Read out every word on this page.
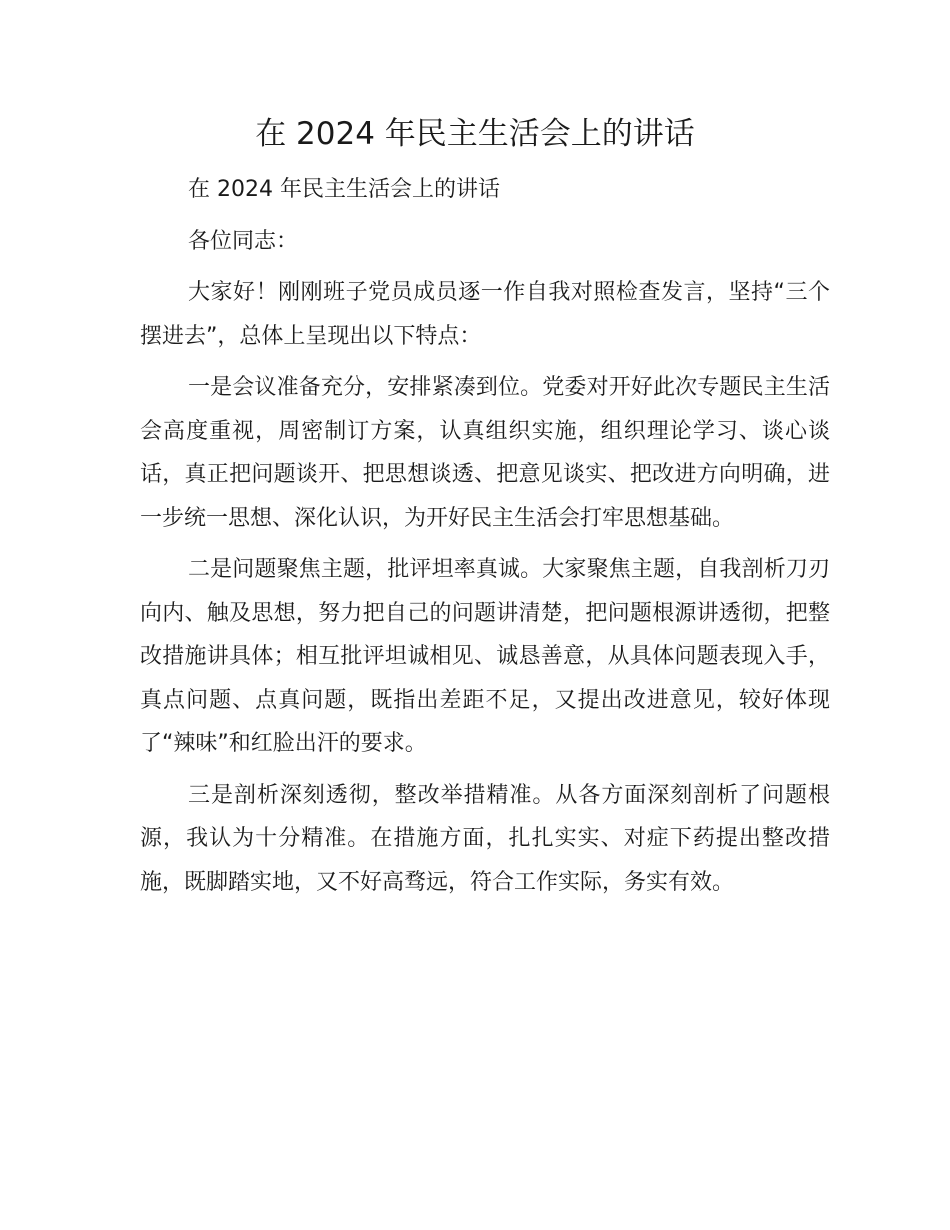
在 2024 年民主生活会上的讲话

在 2024 年民主生活会上的讲话

各位同志：

大家好！刚刚班子党员成员逐一作自我对照检查发言，坚持“三个摆进去”，总体上呈现出以下特点：

一是会议准备充分，安排紧凑到位。党委对开好此次专题民主生活会高度重视，周密制订方案，认真组织实施，组织理论学习、谈心谈话，真正把问题谈开、把思想谈透、把意见谈实、把改进方向明确，进一步统一思想、深化认识，为开好民主生活会打牢思想基础。

二是问题聚焦主题，批评坦率真诚。大家聚焦主题，自我剖析刀刃向内、触及思想，努力把自己的问题讲清楚，把问题根源讲透彻，把整改措施讲具体；相互批评坦诚相见、诚恳善意，从具体问题表现入手，真点问题、点真问题，既指出差距不足，又提出改进意见，较好体现了“辣味”和红脸出汗的要求。

三是剖析深刻透彻，整改举措精准。从各方面深刻剖析了问题根源，我认为十分精准。在措施方面，扎扎实实、对症下药提出整改措施，既脚踏实地，又不好高骛远，符合工作实际，务实有效。
